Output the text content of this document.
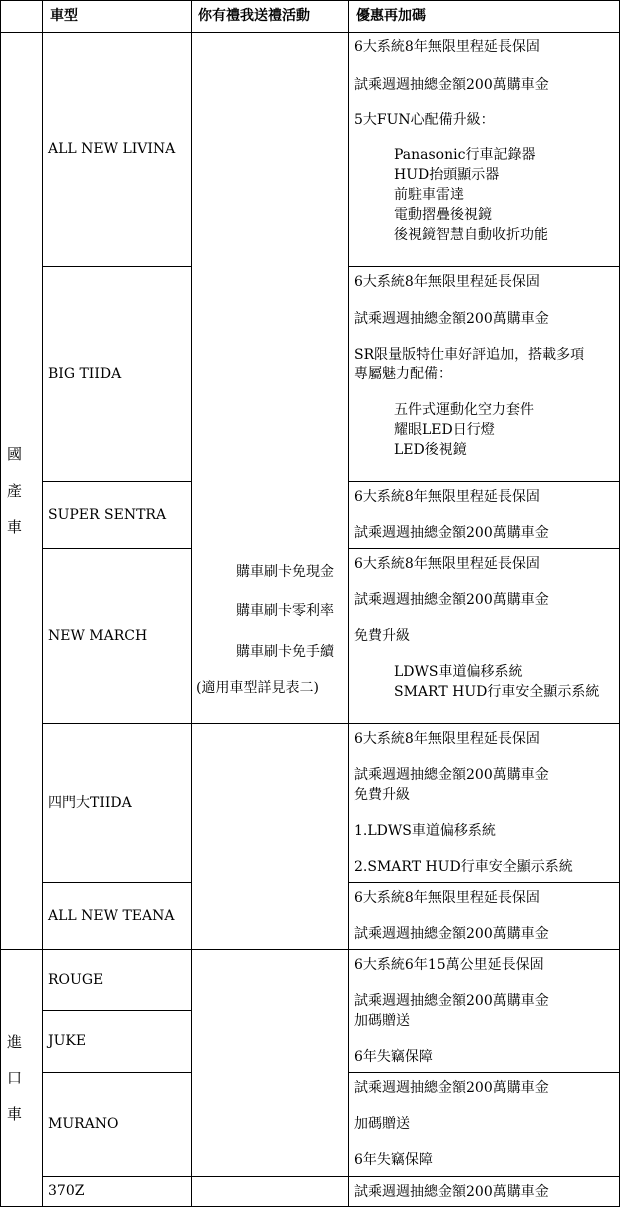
車型	你有禮我送禮活動	優惠再加碼
國
產
車
進
口
車
ALL NEW LIVINA
BIG TIIDA
SUPER SENTRA
NEW MARCH
四門大TIIDA
ALL NEW TEANA
ROUGE
JUKE
MURANO
370Z
購車刷卡免現金
購車刷卡零利率
購車刷卡免手續
(適用車型詳見表二)
6大系統8年無限里程延長保固
試乘週週抽總金額200萬購車金
5大FUN心配備升級：
Panasonic行車記錄器
HUD抬頭顯示器
前駐車雷達
電動摺疊後視鏡
後視鏡智慧自動收折功能
6大系統8年無限里程延長保固
試乘週週抽總金額200萬購車金
SR限量版特仕車好評追加，搭載多項
專屬魅力配備：
五件式運動化空力套件
耀眼LED日行燈
LED後視鏡
6大系統8年無限里程延長保固
試乘週週抽總金額200萬購車金
6大系統8年無限里程延長保固
試乘週週抽總金額200萬購車金
免費升級
LDWS車道偏移系統
SMART HUD行車安全顯示系統
6大系統8年無限里程延長保固
試乘週週抽總金額200萬購車金
免費升級
1.LDWS車道偏移系統
2.SMART HUD行車安全顯示系統
6大系統8年無限里程延長保固
試乘週週抽總金額200萬購車金
6大系統6年15萬公里延長保固
試乘週週抽總金額200萬購車金
加碼贈送
6年失竊保障
試乘週週抽總金額200萬購車金
加碼贈送
6年失竊保障
試乘週週抽總金額200萬購車金
